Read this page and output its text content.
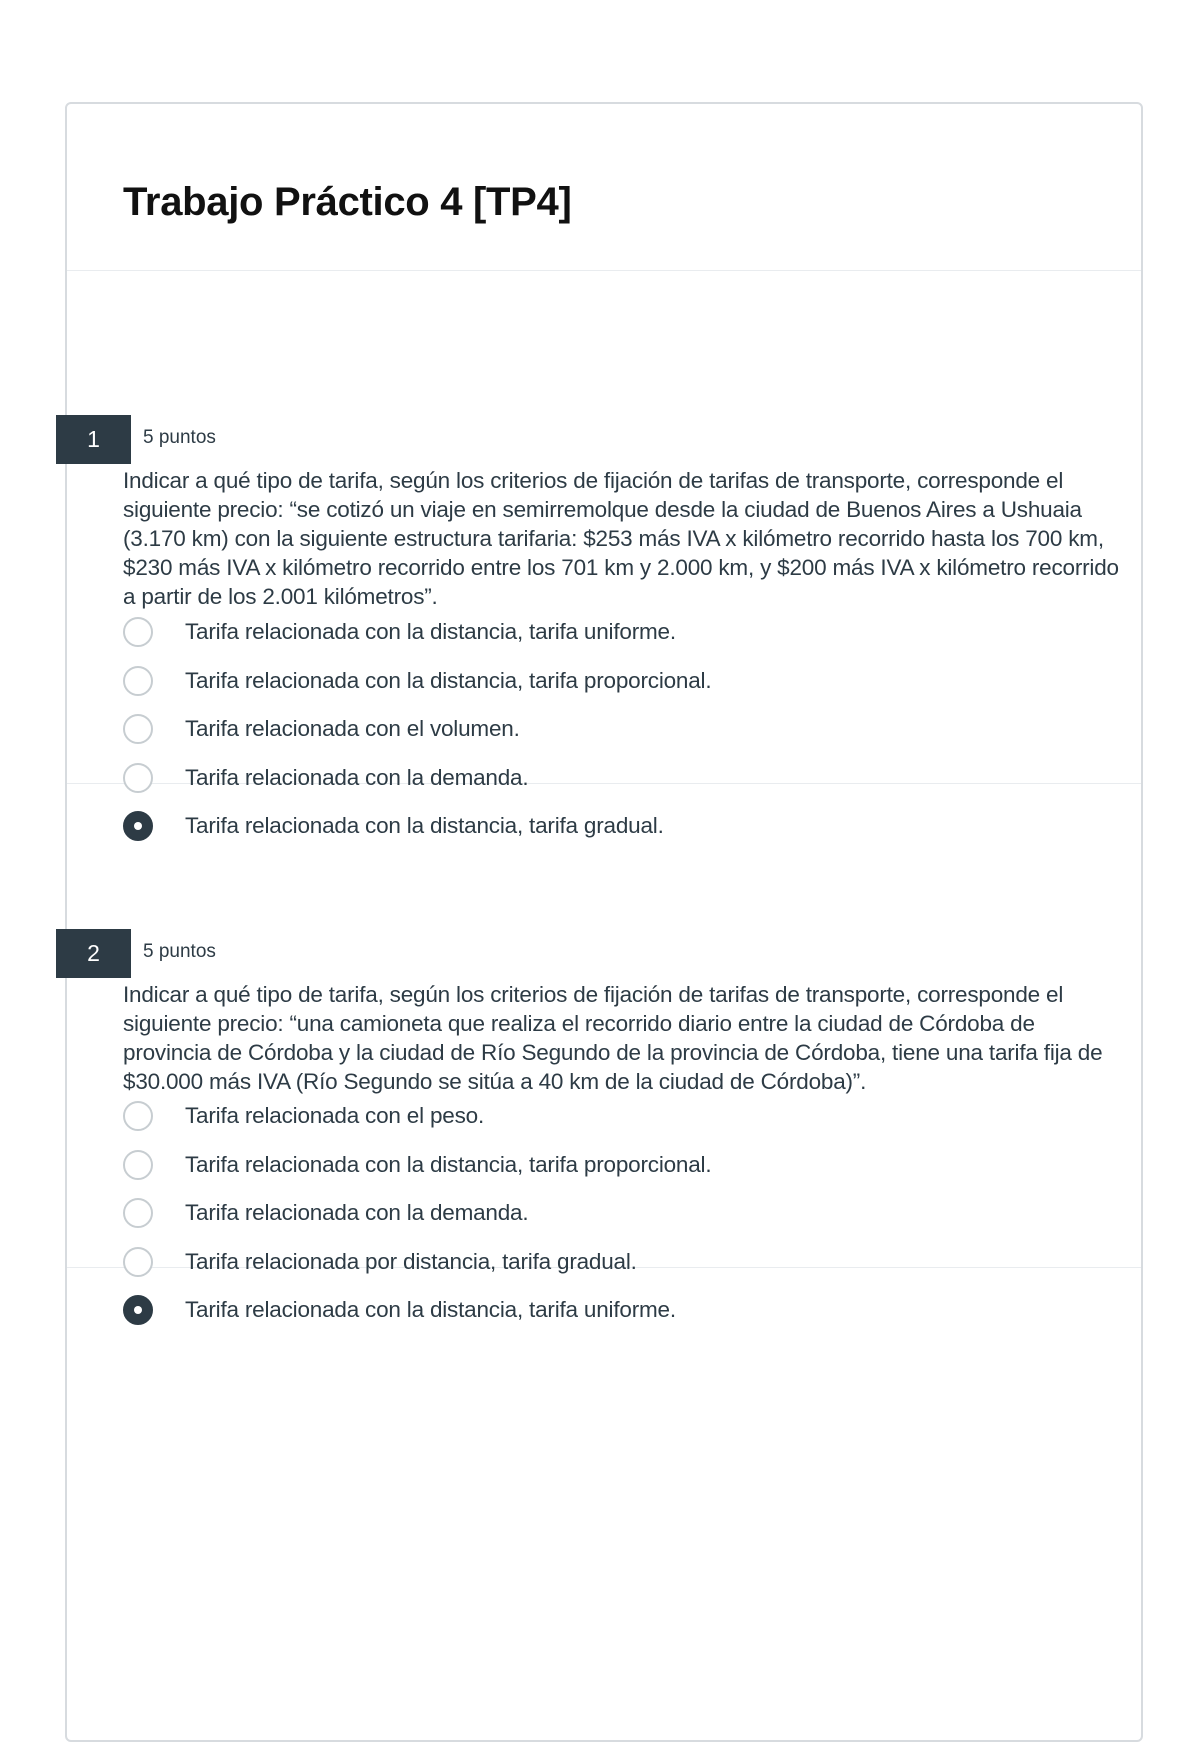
Trabajo Práctico 4 [TP4]
1	5 puntos

Indicar a qué tipo de tarifa, según los criterios de fijación de tarifas de transporte, corresponde el siguiente precio: “se cotizó un viaje en semirremolque desde la ciudad de Buenos Aires a Ushuaia (3.170 km) con la siguiente estructura tarifaria: $253 más IVA x kilómetro recorrido hasta los 700 km, $230 más IVA x kilómetro recorrido entre los 701 km y 2.000 km, y $200 más IVA x kilómetro recorrido a partir de los 2.001 kilómetros”.

Tarifa relacionada con la distancia, tarifa uniforme.
Tarifa relacionada con la distancia, tarifa proporcional.
Tarifa relacionada con el volumen.
Tarifa relacionada con la demanda.
Tarifa relacionada con la distancia, tarifa gradual.
2	5 puntos

Indicar a qué tipo de tarifa, según los criterios de fijación de tarifas de transporte, corresponde el siguiente precio: “una camioneta que realiza el recorrido diario entre la ciudad de Córdoba de provincia de Córdoba y la ciudad de Río Segundo de la provincia de Córdoba, tiene una tarifa fija de $30.000 más IVA (Río Segundo se sitúa a 40 km de la ciudad de Córdoba)”.

Tarifa relacionada con el peso.
Tarifa relacionada con la distancia, tarifa proporcional.
Tarifa relacionada con la demanda.
Tarifa relacionada por distancia, tarifa gradual.
Tarifa relacionada con la distancia, tarifa uniforme.
